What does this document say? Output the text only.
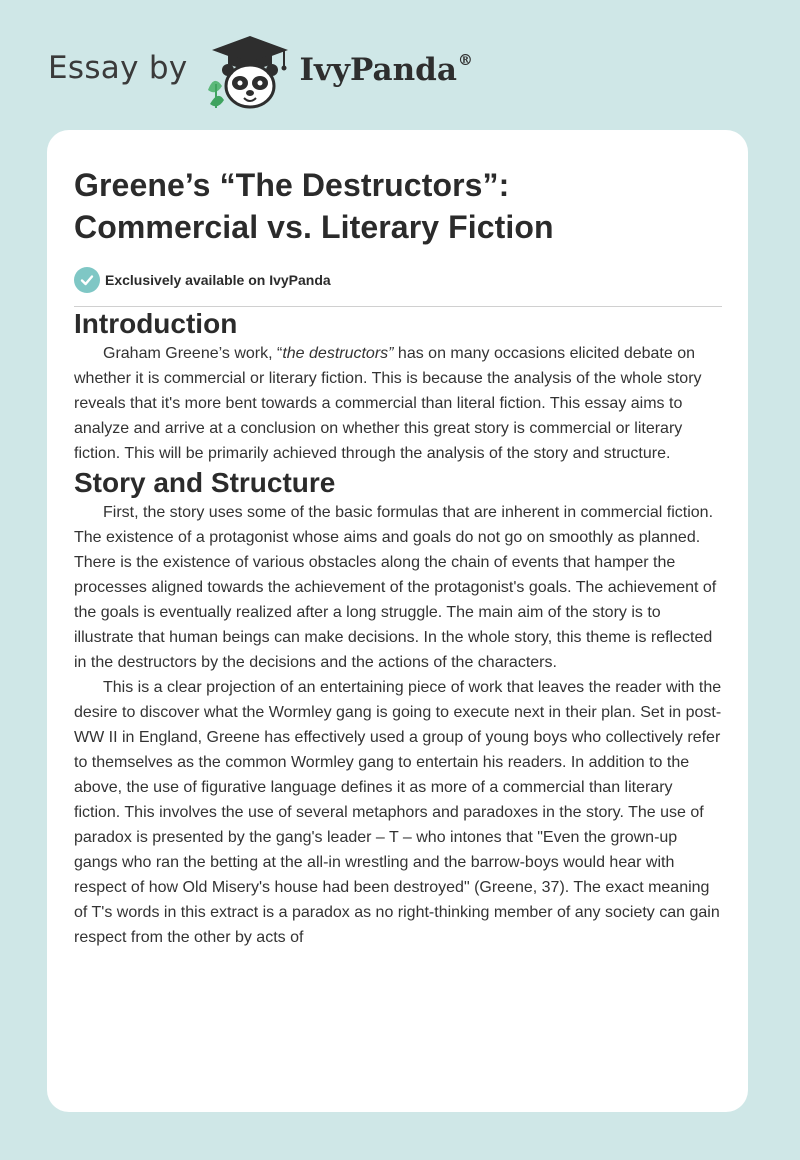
Essay by	IvyPanda®
Greene’s “The Destructors”:
Commercial vs. Literary Fiction
Exclusively available on IvyPanda
Introduction

Graham Greene’s work, “the destructors” has on many occasions elicited debate on whether it is commercial or literary fiction. This is because the analysis of the whole story reveals that it's more bent towards a commercial than literal fiction. This essay aims to analyze and arrive at a conclusion on whether this great story is commercial or literary fiction. This will be primarily achieved through the analysis of the story and structure.

Story and Structure

First, the story uses some of the basic formulas that are inherent in commercial fiction. The existence of a protagonist whose aims and goals do not go on smoothly as planned. There is the existence of various obstacles along the chain of events that hamper the processes aligned towards the achievement of the protagonist's goals. The achievement of the goals is eventually realized after a long struggle. The main aim of the story is to illustrate that human beings can make decisions. In the whole story, this theme is reflected in the destructors by the decisions and the actions of the characters.

This is a clear projection of an entertaining piece of work that leaves the reader with the desire to discover what the Wormley gang is going to execute next in their plan. Set in post-WW II in England, Greene has effectively used a group of young boys who collectively refer to themselves as the common Wormley gang to entertain his readers. In addition to the above, the use of figurative language defines it as more of a commercial than literary fiction. This involves the use of several metaphors and paradoxes in the story. The use of paradox is presented by the gang's leader – T – who intones that "Even the grown-up gangs who ran the betting at the all-in wrestling and the barrow-boys would hear with respect of how Old Misery's house had been destroyed" (Greene, 37). The exact meaning of T's words in this extract is a paradox as no right-thinking member of any society can gain respect from the other by acts of
